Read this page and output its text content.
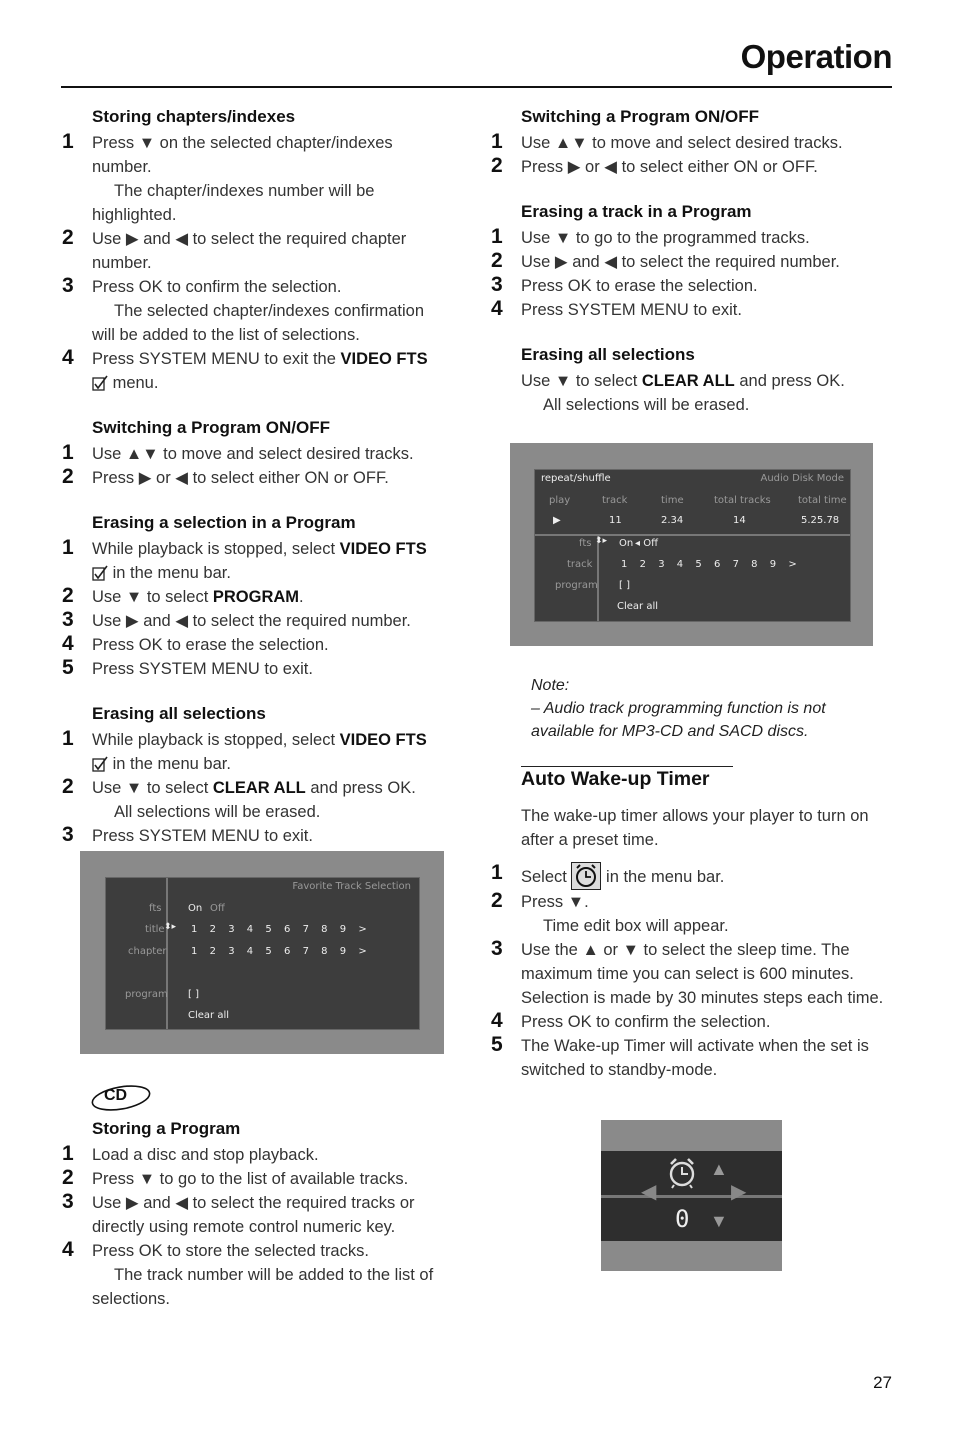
Operation
Storing chapters/indexes
1 Press ▼ on the selected chapter/indexes number.
The chapter/indexes number will be
highlighted.
2 Use ▶ and ◀ to select the required chapter
number.
3 Press OK to confirm the selection.
The selected chapter/indexes confirmation
will be added to the list of selections.
4 Press SYSTEM MENU to exit the VIDEO FTS
menu.
Switching a Program ON/OFF
1 Use ▲▼ to move and select desired tracks.
2 Press ▶ or ◀ to select either ON or OFF.
Erasing a selection in a Program
1 While playback is stopped, select VIDEO FTS
in the menu bar.
2 Use ▼ to select PROGRAM.
3 Use ▶ and ◀ to select the required number.
4 Press OK to erase the selection.
5 Press SYSTEM MENU to exit.
Erasing all selections
1 While playback is stopped, select VIDEO FTS
in the menu bar.
2 Use ▼ to select CLEAR ALL and press OK.
All selections will be erased.
3 Press SYSTEM MENU to exit.
Favorite Track Selection
fts	On Off
title ⬍▸ 1 2 3 4 5 6 7 8 9 >
chapter 1 2 3 4 5 6 7 8 9 >
program [ ]
Clear all
CD
Storing a Program
1 Load a disc and stop playback.
2 Press ▼ to go to the list of available tracks.
3 Use ▶ and ◀ to select the required tracks or
directly using remote control numeric key.
4 Press OK to store the selected tracks.
The track number will be added to the list of
selections.
Switching a Program ON/OFF
1 Use ▲▼ to move and select desired tracks.
2 Press ▶ or ◀ to select either ON or OFF.
Erasing a track in a Program
1 Use ▼ to go to the programmed tracks.
2 Use ▶ and ◀ to select the required number.
3 Press OK to erase the selection.
4 Press SYSTEM MENU to exit.
Erasing all selections
Use ▼ to select CLEAR ALL and press OK.
All selections will be erased.
repeat/shuffle	Audio Disk Mode
play	track	time	total tracks	total time
▶	11	2.34	14	5.25.78
fts ⬍▸ On ◂ Off
track	1 2 3 4 5 6 7 8 9 >
program [ ]
Clear all
Note:
– Audio track programming function is not
available for MP3-CD and SACD discs.
Auto Wake-up Timer
The wake-up timer allows your player to turn on
after a preset time.
1 Select  in the menu bar.
2 Press ▼.
Time edit box will appear.
3 Use the ▲ or ▼ to select the sleep time. The
maximum time you can select is 600 minutes.
Selection is made by 30 minutes steps each time.
4 Press OK to confirm the selection.
5 The Wake-up Timer will activate when the set is
switched to standby-mode.
◀	▶
▲
0 ▼
27
